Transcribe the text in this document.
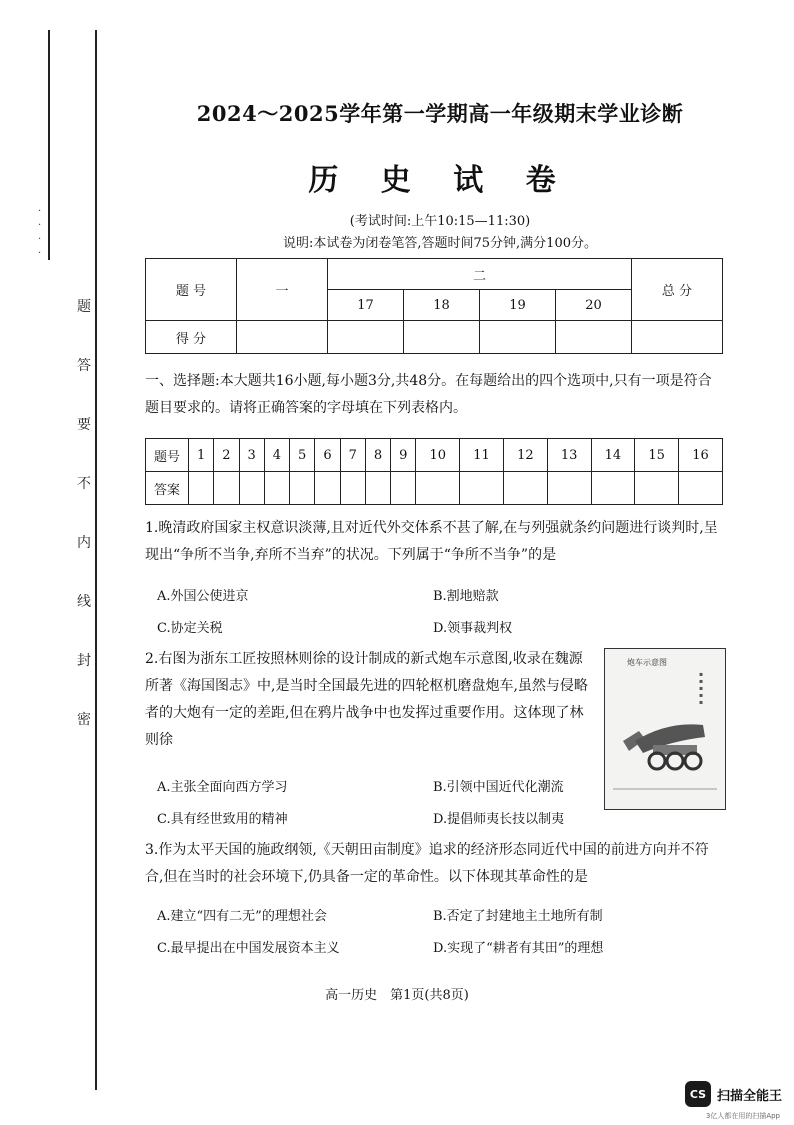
·
·
·
·
题
答
要
不
内
线
封
密
2024～2025学年第一学期高一年级期末学业诊断
历 史 试 卷
(考试时间:上午10:15—11:30)
说明:本试卷为闭卷笔答,答题时间75分钟,满分100分。
题 号	一	二				总 分
		17	18	19	20	
得 分						
一、选择题:本大题共16小题,每小题3分,共48分。在每题给出的四个选项中,只有一项是符合题目要求的。请将正确答案的字母填在下列表格内。
题号	1	2	3	4	5	6	7	8	9	10	11	12	13	14	15	16
答案																
1.晚清政府国家主权意识淡薄,且对近代外交体系不甚了解,在与列强就条约问题进行谈判时,呈现出“争所不当争,弃所不当弃”的状况。下列属于“争所不当争”的是
A.外国公使进京	B.割地赔款
C.协定关税	D.领事裁判权
2.右图为浙东工匠按照林则徐的设计制成的新式炮车示意图,收录在魏源所著《海国图志》中,是当时全国最先进的四轮枢机磨盘炮车,虽然与侵略者的大炮有一定的差距,但在鸦片战争中也发挥过重要作用。这体现了林则徐
炮车示意图
▪
▪
▪
▪
▪
A.主张全面向西方学习	B.引领中国近代化潮流
C.具有经世致用的精神	D.提倡师夷长技以制夷
3.作为太平天国的施政纲领,《天朝田亩制度》追求的经济形态同近代中国的前进方向并不符合,但在当时的社会环境下,仍具备一定的革命性。以下体现其革命性的是
A.建立“四有二无”的理想社会	B.否定了封建地主土地所有制
C.最早提出在中国发展资本主义	D.实现了“耕者有其田”的理想
高一历史　第1页(共8页)
CS 扫描全能王
3亿人都在用的扫描App
